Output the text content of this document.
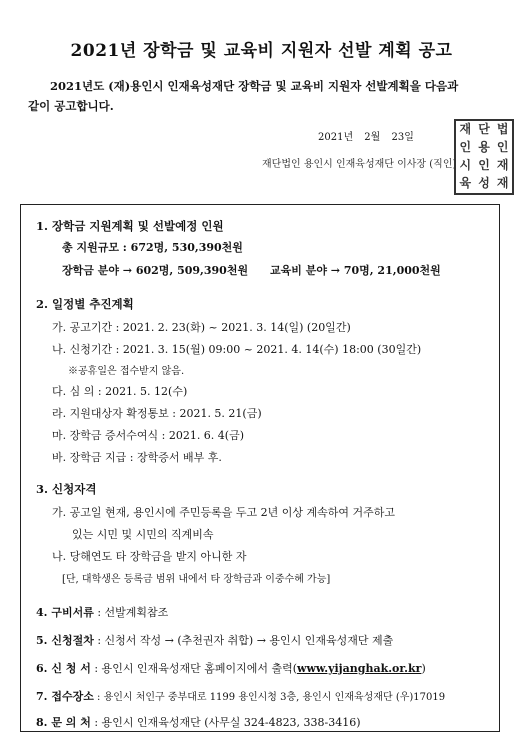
2021년 장학금 및 교육비 지원자 선발 계획 공고
2021년도 (재)용인시 인재육성재단 장학금 및 교육비 지원자 선발계획을 다음과
같이 공고합니다.
2021년 2월 23일
재단법인 용인시 인재육성재단 이사장 (직인)
재 단 법
인 용 인
시 인 재
육 성 재
1. 장학금 지원계획 및 선발예정 인원
총 지원규모 : 672명, 530,390천원
장학금 분야 → 602명, 509,390천원 교육비 분야 → 70명, 21,000천원
2. 일정별 추진계획
가. 공고기간 : 2021. 2. 23(화) ~ 2021. 3. 14(일) (20일간)
나. 신청기간 : 2021. 3. 15(월) 09:00 ~ 2021. 4. 14(수) 18:00 (30일간)
※공휴일은 접수받지 않음.
다. 심 의 : 2021. 5. 12(수)
라. 지원대상자 확정통보 : 2021. 5. 21(금)
마. 장학금 증서수여식 : 2021. 6. 4(금)
바. 장학금 지급 : 장학증서 배부 후.
3. 신청자격
가. 공고일 현재, 용인시에 주민등록을 두고 2년 이상 계속하여 거주하고
있는 시민 및 시민의 직계비속
나. 당해연도 타 장학금을 받지 아니한 자
[단, 대학생은 등록금 범위 내에서 타 장학금과 이중수혜 가능]
4. 구비서류 : 선발계획참조
5. 신청절차 : 신청서 작성 → (추천권자 취합) → 용인시 인재육성재단 제출
6. 신 청 서 : 용인시 인재육성재단 홈페이지에서 출력(www.yijanghak.or.kr)
7. 접수장소 : 용인시 처인구 중부대로 1199 용인시청 3층, 용인시 인재육성재단 (우)17019
8. 문 의 처 : 용인시 인재육성재단 (사무실 324-4823, 338-3416)
